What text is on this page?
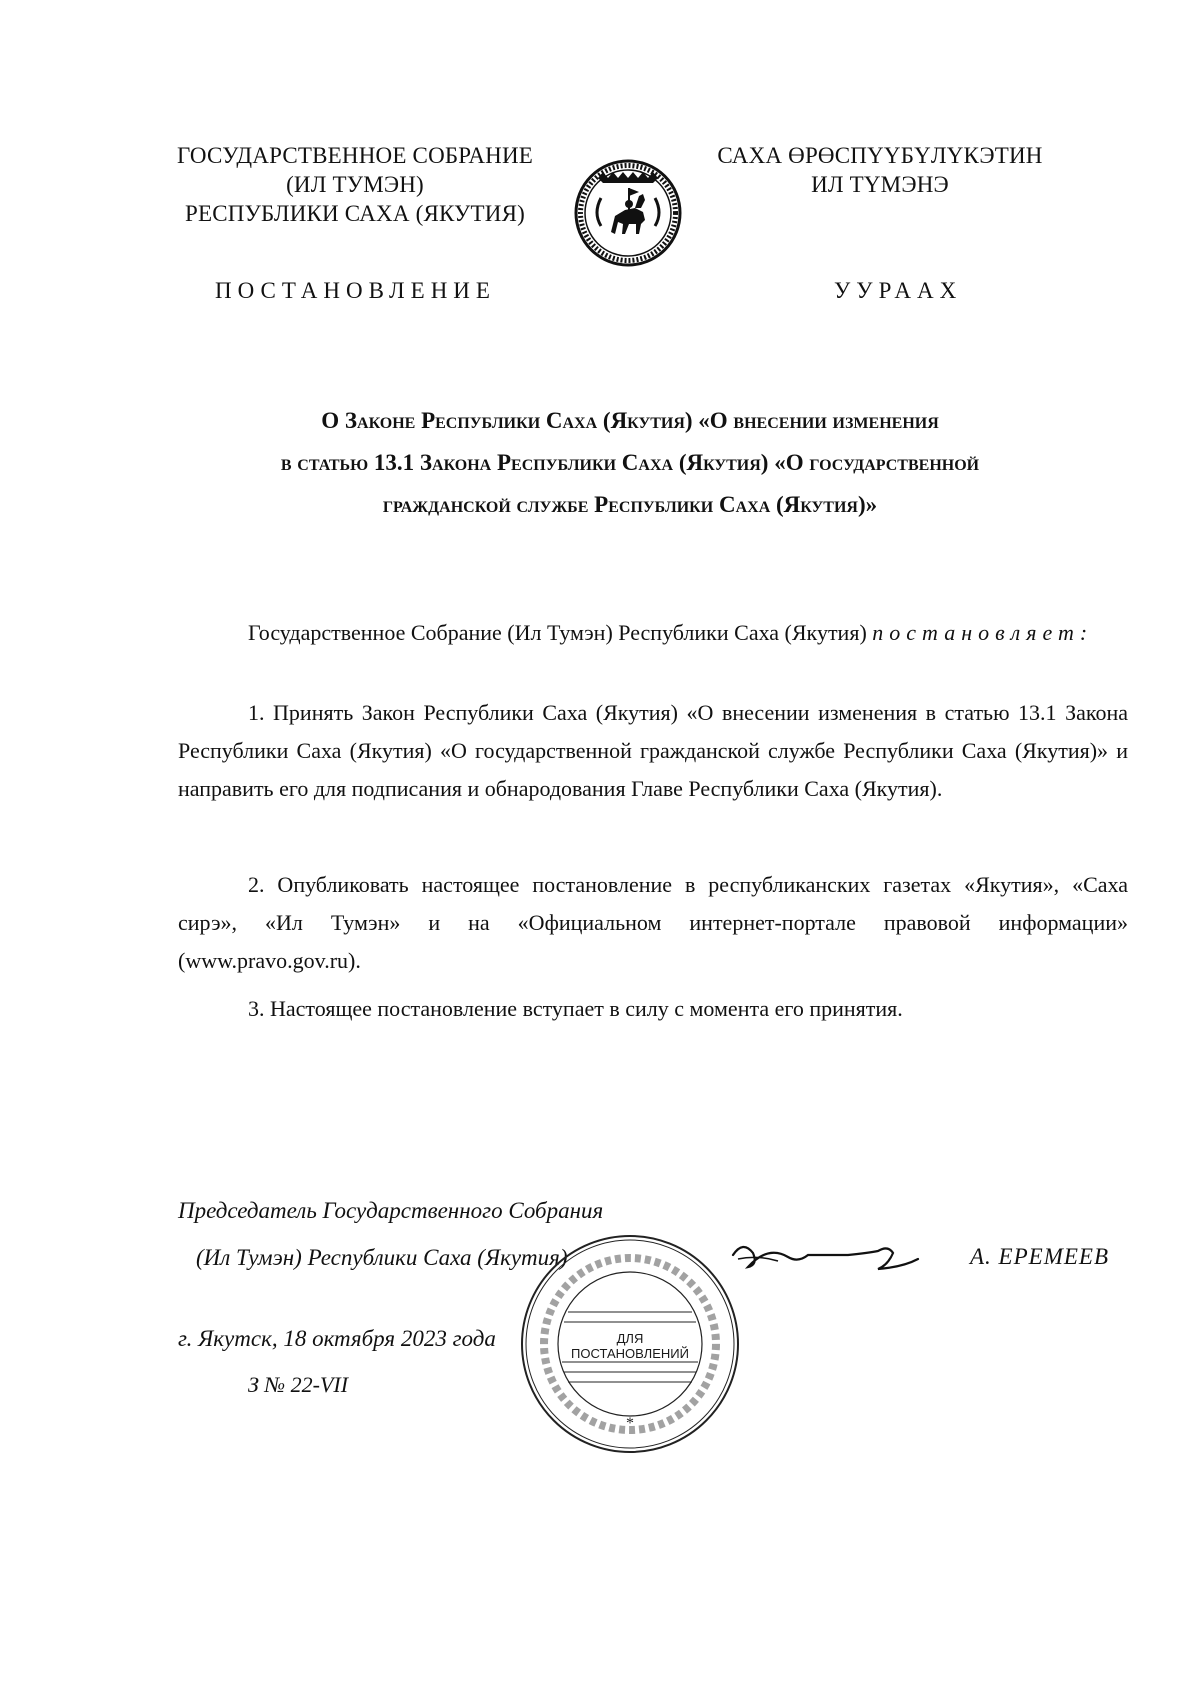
ГОСУДАРСТВЕННОЕ СОБРАНИЕ
(ИЛ ТУМЭН)
РЕСПУБЛИКИ САХА (ЯКУТИЯ)
САХА ӨРӨСПҮҮБҮЛҮКЭТИН
ИЛ ТҮМЭНЭ
ПОСТАНОВЛЕНИЕ	УУРААХ
О Законе Республики Саха (Якутия) «О внесении изменения
в статью 13.1 Закона Республики Саха (Якутия) «О государственной
гражданской службе Республики Саха (Якутия)»
Государственное Собрание (Ил Тумэн) Республики Саха (Якутия) постановляет:
1. Принять Закон Республики Саха (Якутия) «О внесении изменения в статью 13.1 Закона Республики Саха (Якутия) «О государственной гражданской службе Республики Саха (Якутия)» и направить его для подписания и обнародования Главе Республики Саха (Якутия).
2. Опубликовать настоящее постановление в республиканских газетах «Якутия», «Саха сирэ», «Ил Тумэн» и на «Официальном интернет-портале правовой информации» (www.pravo.gov.ru).
3. Настоящее постановление вступает в силу с момента его принятия.
Председатель Государственного Собрания
(Ил Тумэн) Республики Саха (Якутия)	А. ЕРЕМЕЕВ
г. Якутск, 18 октября 2023 года
З № 22-VII
*
ДЛЯ
ПОСТАНОВЛЕНИЙ
